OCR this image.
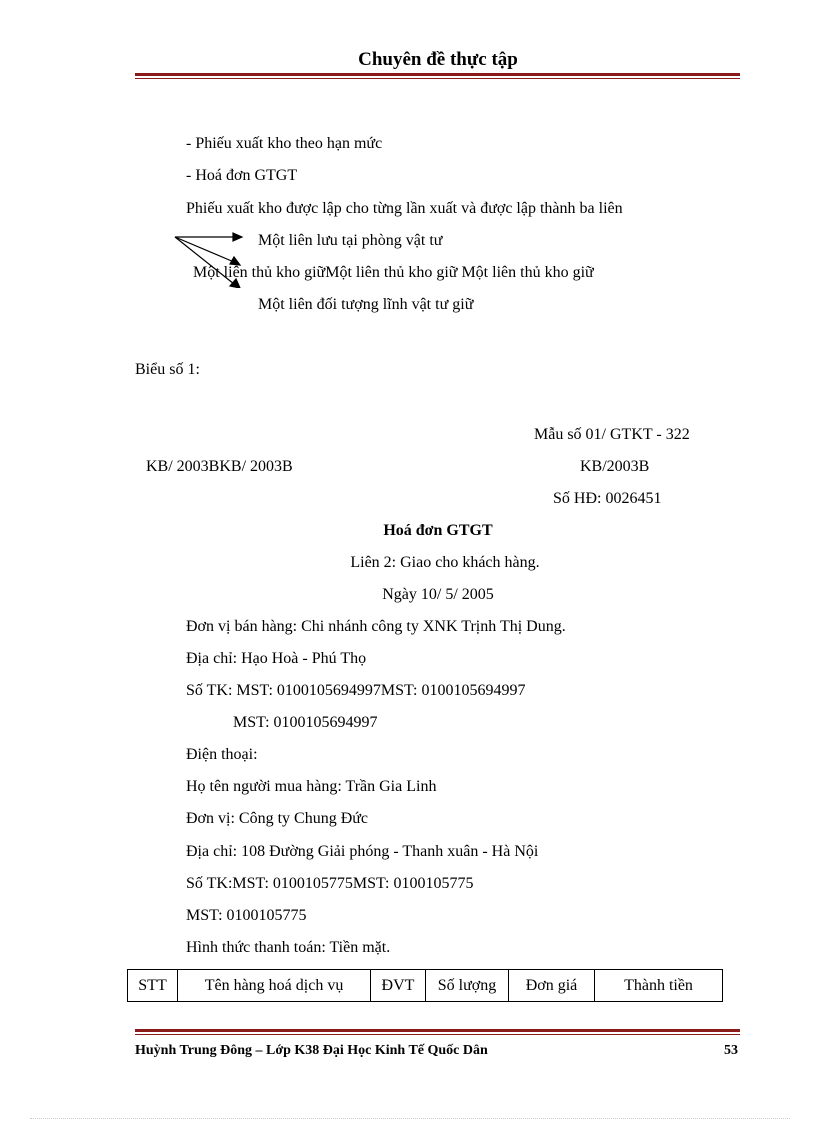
Chuyên đề thực tập
- Phiếu xuất kho theo hạn mức
- Hoá đơn GTGT
Phiếu xuất kho được lập cho từng lần xuất và được lập thành ba liên
Một liên lưu tại phòng vật tư
Một liên thủ kho giữMột liên thủ kho giữ Một liên thủ kho giữ
Một liên đối tượng lĩnh vật tư giữ
Biểu số 1:
Mẫu số 01/ GTKT - 322
KB/ 2003BKB/ 2003B	KB/2003B
Số HĐ: 0026451
Hoá đơn GTGT
Liên 2: Giao cho khách hàng.
Ngày 10/ 5/ 2005
Đơn vị bán hàng: Chi nhánh công ty XNK Trịnh Thị Dung.
Địa chỉ: Hạo Hoà - Phú Thọ
Số TK: MST: 0100105694997MST: 0100105694997
MST: 0100105694997
Điện thoại:
Họ tên người mua hàng: Trần Gia Linh
Đơn vị: Công ty Chung Đức
Địa chỉ: 108 Đường Giải phóng - Thanh xuân - Hà Nội
Số TK:MST: 0100105775MST: 0100105775
MST: 0100105775
Hình thức thanh toán: Tiền mặt.
STT	Tên hàng hoá dịch vụ	ĐVT	Số lượng	Đơn giá	Thành tiền
Huỳnh Trung Đông – Lớp K38 Đại Học Kinh Tế Quốc Dân	53
